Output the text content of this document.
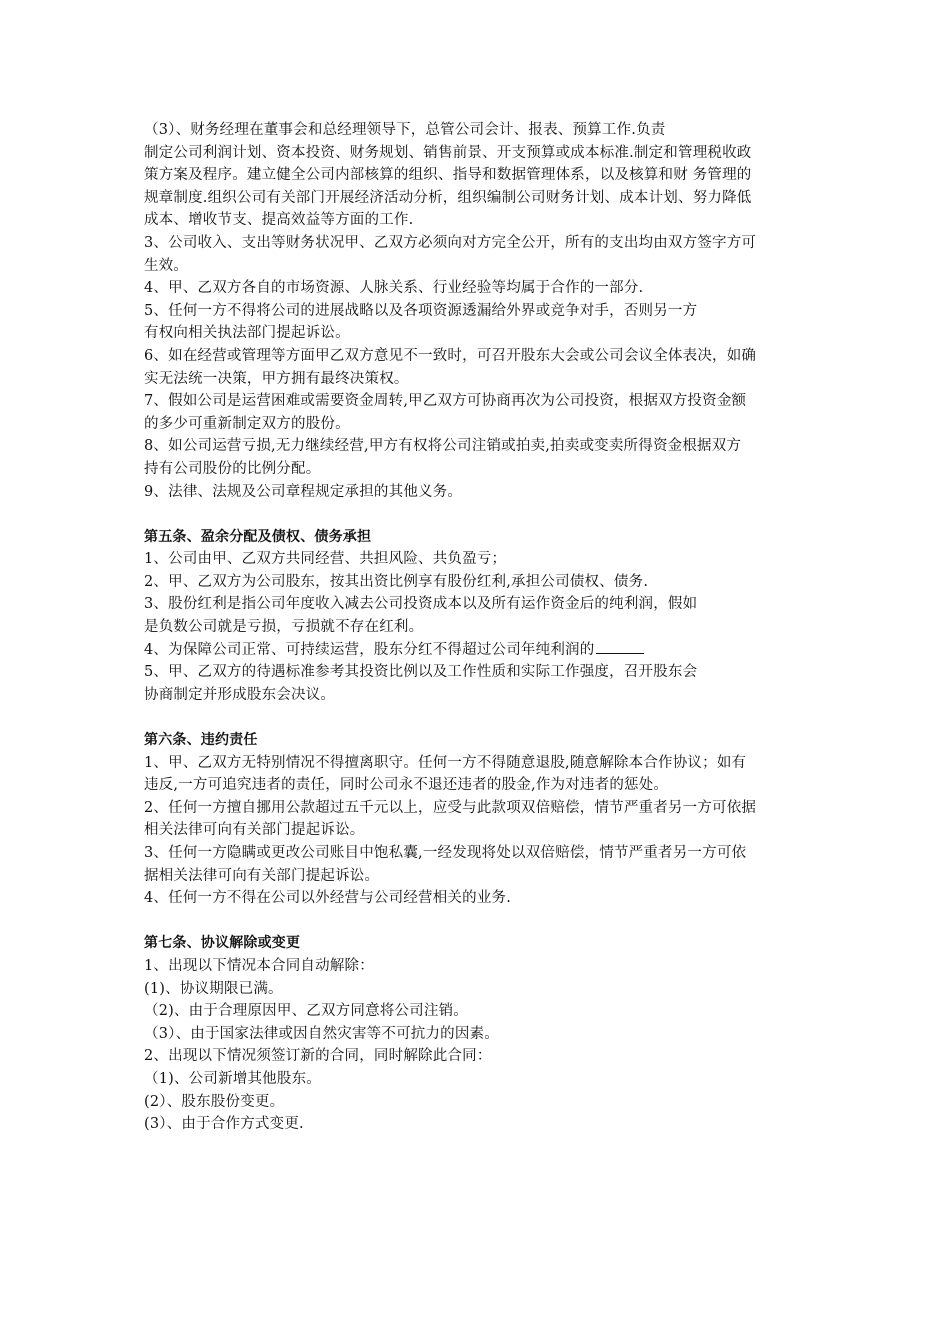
（3）、财务经理在董事会和总经理领导下，总管公司会计、报表、预算工作.负责
制定公司利润计划、资本投资、财务规划、销售前景、开支预算或成本标准.制定和管理税收政
策方案及程序。建立健全公司内部核算的组织、指导和数据管理体系，以及核算和财 务管理的
规章制度.组织公司有关部门开展经济活动分析，组织编制公司财务计划、成本计划、努力降低
成本、增收节支、提高效益等方面的工作.
3、公司收入、支出等财务状况甲、乙双方必须向对方完全公开，所有的支出均由双方签字方可
生效。
4、甲、乙双方各自的市场资源、人脉关系、行业经验等均属于合作的一部分.
5、任何一方不得将公司的进展战略以及各项资源透漏给外界或竞争对手，否则另一方
有权向相关执法部门提起诉讼。
6、如在经营或管理等方面甲乙双方意见不一致时，可召开股东大会或公司会议全体表决，如确
实无法统一决策，甲方拥有最终决策权。
7、假如公司是运营困难或需要资金周转,甲乙双方可协商再次为公司投资，根据双方投资金额
的多少可重新制定双方的股份。
8、如公司运营亏损,无力继续经营,甲方有权将公司注销或拍卖,拍卖或变卖所得资金根据双方
持有公司股份的比例分配。
9、法律、法规及公司章程规定承担的其他义务。
第五条、盈余分配及债权、债务承担
1、公司由甲、乙双方共同经营、共担风险、共负盈亏；
2、甲、乙双方为公司股东，按其出资比例享有股份红利,承担公司债权、债务.
3、股份红利是指公司年度收入减去公司投资成本以及所有运作资金后的纯利润，假如
是负数公司就是亏损，亏损就不存在红利。
4、为保障公司正常、可持续运营，股东分红不得超过公司年纯利润的
5、甲、乙双方的待遇标准参考其投资比例以及工作性质和实际工作强度，召开股东会
协商制定并形成股东会决议。
第六条、违约责任
1、甲、乙双方无特别情况不得擅离职守。任何一方不得随意退股,随意解除本合作协议；如有
违反,一方可追究违者的责任，同时公司永不退还违者的股金,作为对违者的惩处。
2、任何一方擅自挪用公款超过五千元以上，应受与此款项双倍赔偿，情节严重者另一方可依据
相关法律可向有关部门提起诉讼。
3、任何一方隐瞒或更改公司账目中饱私囊,一经发现将处以双倍赔偿，情节严重者另一方可依
据相关法律可向有关部门提起诉讼。
4、任何一方不得在公司以外经营与公司经营相关的业务.
第七条、协议解除或变更
1、出现以下情况本合同自动解除：
(1)、协议期限已满。
（2)、由于合理原因甲、乙双方同意将公司注销。
（3）、由于国家法律或因自然灾害等不可抗力的因素。
2、出现以下情况须签订新的合同，同时解除此合同：
（1)、公司新增其他股东。
(2）、股东股份变更。
(3）、由于合作方式变更.
